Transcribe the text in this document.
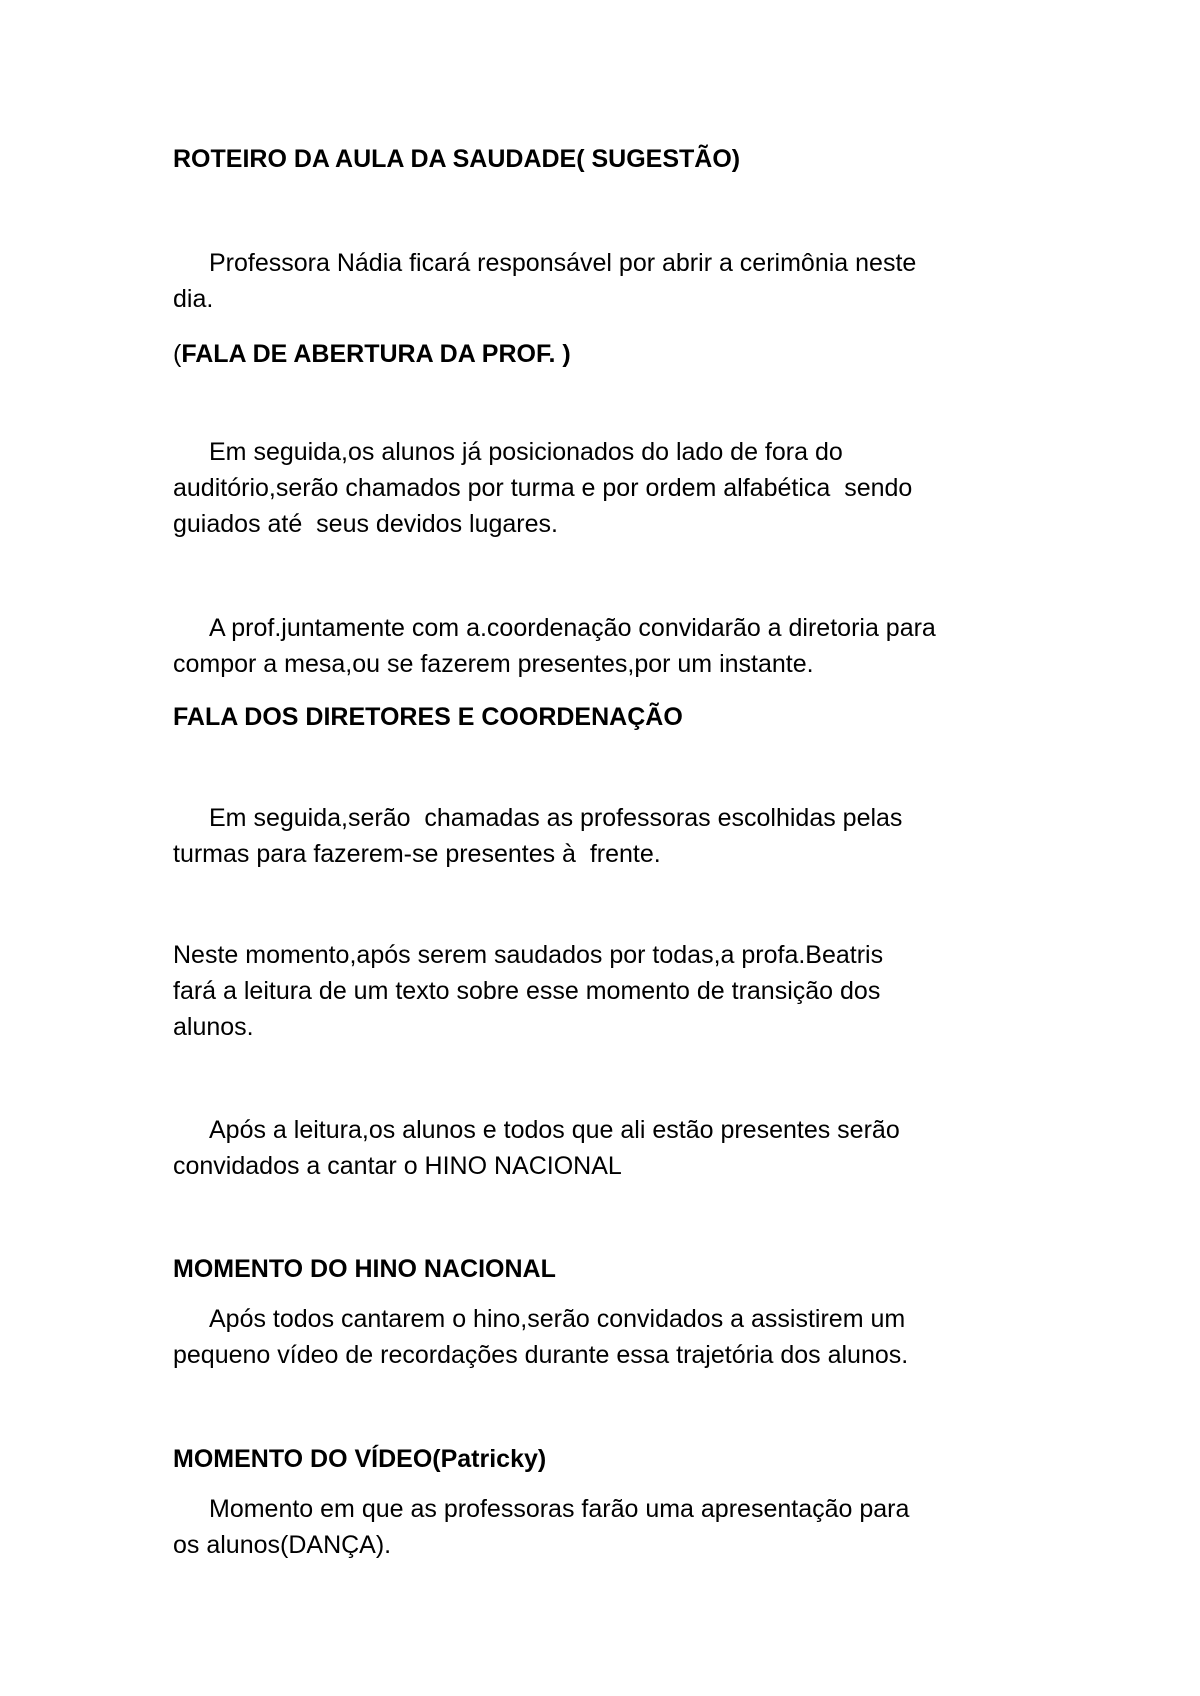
ROTEIRO DA AULA DA SAUDADE( SUGESTÃO)

Professora Nádia ficará responsável por abrir a cerimônia neste
dia.

(FALA DE ABERTURA DA PROF. )

Em seguida,os alunos já posicionados do lado de fora do
auditório,serão chamados por turma e por ordem alfabética  sendo
guiados até  seus devidos lugares.

A prof.juntamente com a.coordenação convidarão a diretoria para
compor a mesa,ou se fazerem presentes,por um instante.

FALA DOS DIRETORES E COORDENAÇÃO

Em seguida,serão  chamadas as professoras escolhidas pelas
turmas para fazerem-se presentes à  frente.

Neste momento,após serem saudados por todas,a profa.Beatris
fará a leitura de um texto sobre esse momento de transição dos
alunos.

Após a leitura,os alunos e todos que ali estão presentes serão
convidados a cantar o HINO NACIONAL

MOMENTO DO HINO NACIONAL

Após todos cantarem o hino,serão convidados a assistirem um
pequeno vídeo de recordações durante essa trajetória dos alunos.

MOMENTO DO VÍDEO(Patricky)

Momento em que as professoras farão uma apresentação para
os alunos(DANÇA).
